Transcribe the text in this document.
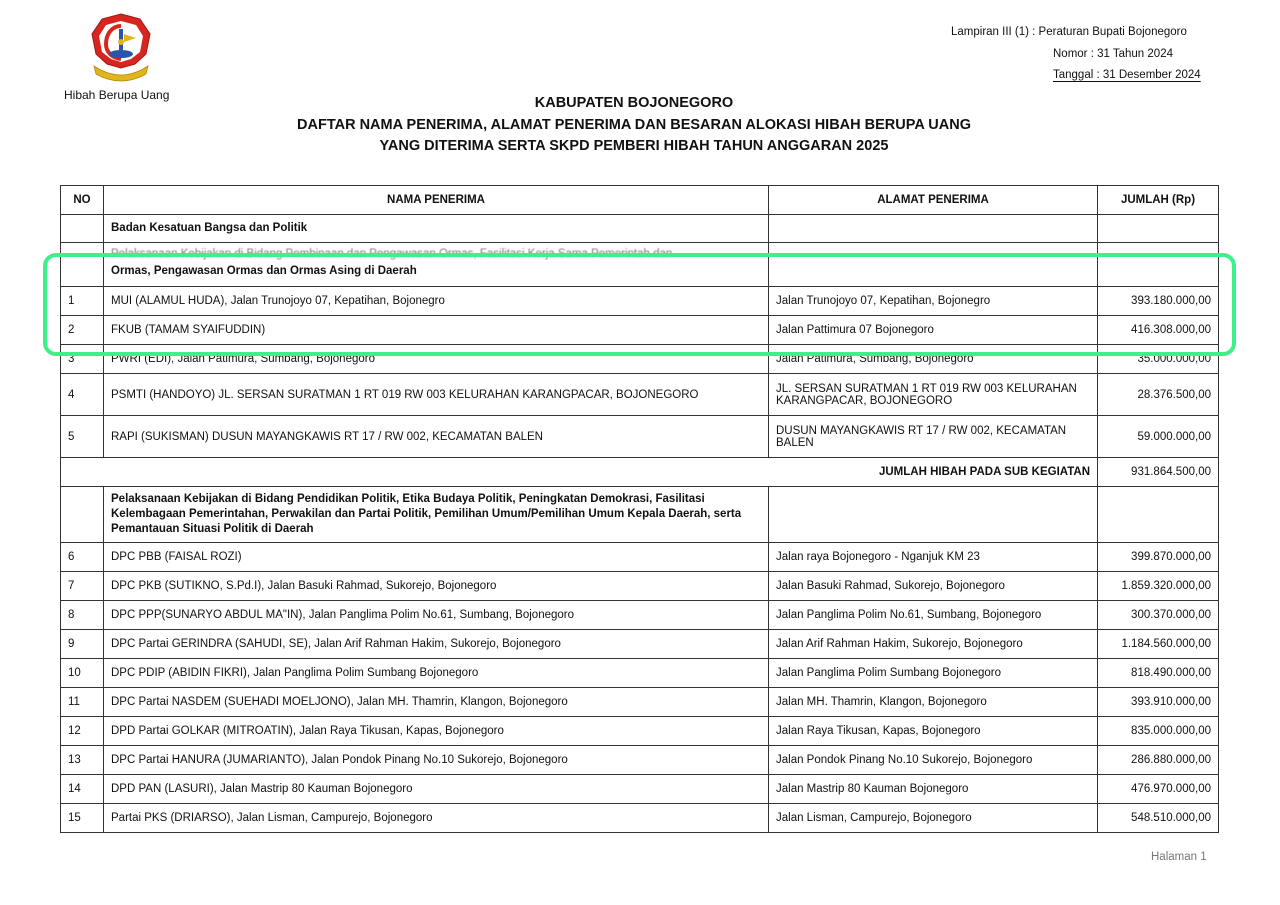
Hibah Berupa Uang
Lampiran III (1) : Peraturan Bupati Bojonegoro
Nomor : 31 Tahun 2024
Tanggal : 31 Desember 2024
KABUPATEN BOJONEGORO
DAFTAR NAMA PENERIMA, ALAMAT PENERIMA DAN BESARAN ALOKASI HIBAH BERUPA UANG
YANG DITERIMA SERTA SKPD PEMBERI HIBAH TAHUN ANGGARAN 2025
NO	NAMA PENERIMA	ALAMAT PENERIMA	JUMLAH (Rp)
	Badan Kesatuan Bangsa dan Politik		

	Pelaksanaan Kebijakan di Bidang Pembinaan dan Pengawasan Ormas, Fasilitasi Kerja Sama Pemerintah dan
Ormas, Pengawasan Ormas dan Ormas Asing di Daerah		

1	MUI (ALAMUL HUDA), Jalan Trunojoyo 07, Kepatihan, Bojonegro	Jalan Trunojoyo 07, Kepatihan, Bojonegro	393.180.000,00
2	FKUB (TAMAM SYAIFUDDIN)	Jalan Pattimura 07 Bojonegoro	416.308.000,00
3	PWRI (EDI), Jalan Patimura, Sumbang, Bojonegoro	Jalan Patimura, Sumbang, Bojonegoro	35.000.000,00
4	PSMTI (HANDOYO) JL. SERSAN SURATMAN 1 RT 019 RW 003 KELURAHAN KARANGPACAR, BOJONEGORO	JL. SERSAN SURATMAN 1 RT 019 RW 003 KELURAHAN KARANGPACAR, BOJONEGORO	28.376.500,00
5	RAPI (SUKISMAN) DUSUN MAYANGKAWIS RT 17 / RW 002, KECAMATAN BALEN	DUSUN MAYANGKAWIS RT 17 / RW 002, KECAMATAN BALEN	59.000.000,00
JUMLAH HIBAH PADA SUB KEGIATAN			931.864.500,00
	Pelaksanaan Kebijakan di Bidang Pendidikan Politik, Etika Budaya Politik, Peningkatan Demokrasi, Fasilitasi Kelembagaan Pemerintahan, Perwakilan dan Partai Politik, Pemilihan Umum/Pemilihan Umum Kepala Daerah, serta Pemantauan Situasi Politik di Daerah		
6	DPC PBB (FAISAL ROZI)	Jalan raya Bojonegoro - Nganjuk KM 23	399.870.000,00
7	DPC PKB (SUTIKNO, S.Pd.I), Jalan Basuki Rahmad, Sukorejo, Bojonegoro	Jalan Basuki Rahmad, Sukorejo, Bojonegoro	1.859.320.000,00
8	DPC PPP(SUNARYO ABDUL MA"IN), Jalan Panglima Polim No.61, Sumbang, Bojonegoro	Jalan Panglima Polim No.61, Sumbang, Bojonegoro	300.370.000,00
9	DPC Partai GERINDRA (SAHUDI, SE), Jalan Arif Rahman Hakim, Sukorejo, Bojonegoro	Jalan Arif Rahman Hakim, Sukorejo, Bojonegoro	1.184.560.000,00
10	DPC PDIP (ABIDIN FIKRI), Jalan Panglima Polim Sumbang Bojonegoro	Jalan Panglima Polim Sumbang Bojonegoro	818.490.000,00
11	DPC Partai NASDEM (SUEHADI MOELJONO), Jalan MH. Thamrin, Klangon, Bojonegoro	Jalan MH. Thamrin, Klangon, Bojonegoro	393.910.000,00
12	DPD Partai GOLKAR (MITROATIN), Jalan Raya Tikusan, Kapas, Bojonegoro	Jalan Raya Tikusan, Kapas, Bojonegoro	835.000.000,00
13	DPC Partai HANURA (JUMARIANTO), Jalan Pondok Pinang No.10 Sukorejo, Bojonegoro	Jalan Pondok Pinang No.10 Sukorejo, Bojonegoro	286.880.000,00
14	DPD PAN (LASURI), Jalan Mastrip 80 Kauman Bojonegoro	Jalan Mastrip 80 Kauman Bojonegoro	476.970.000,00
15	Partai PKS (DRIARSO), Jalan Lisman, Campurejo, Bojonegoro	Jalan Lisman, Campurejo, Bojonegoro	548.510.000,00
Halaman 1
